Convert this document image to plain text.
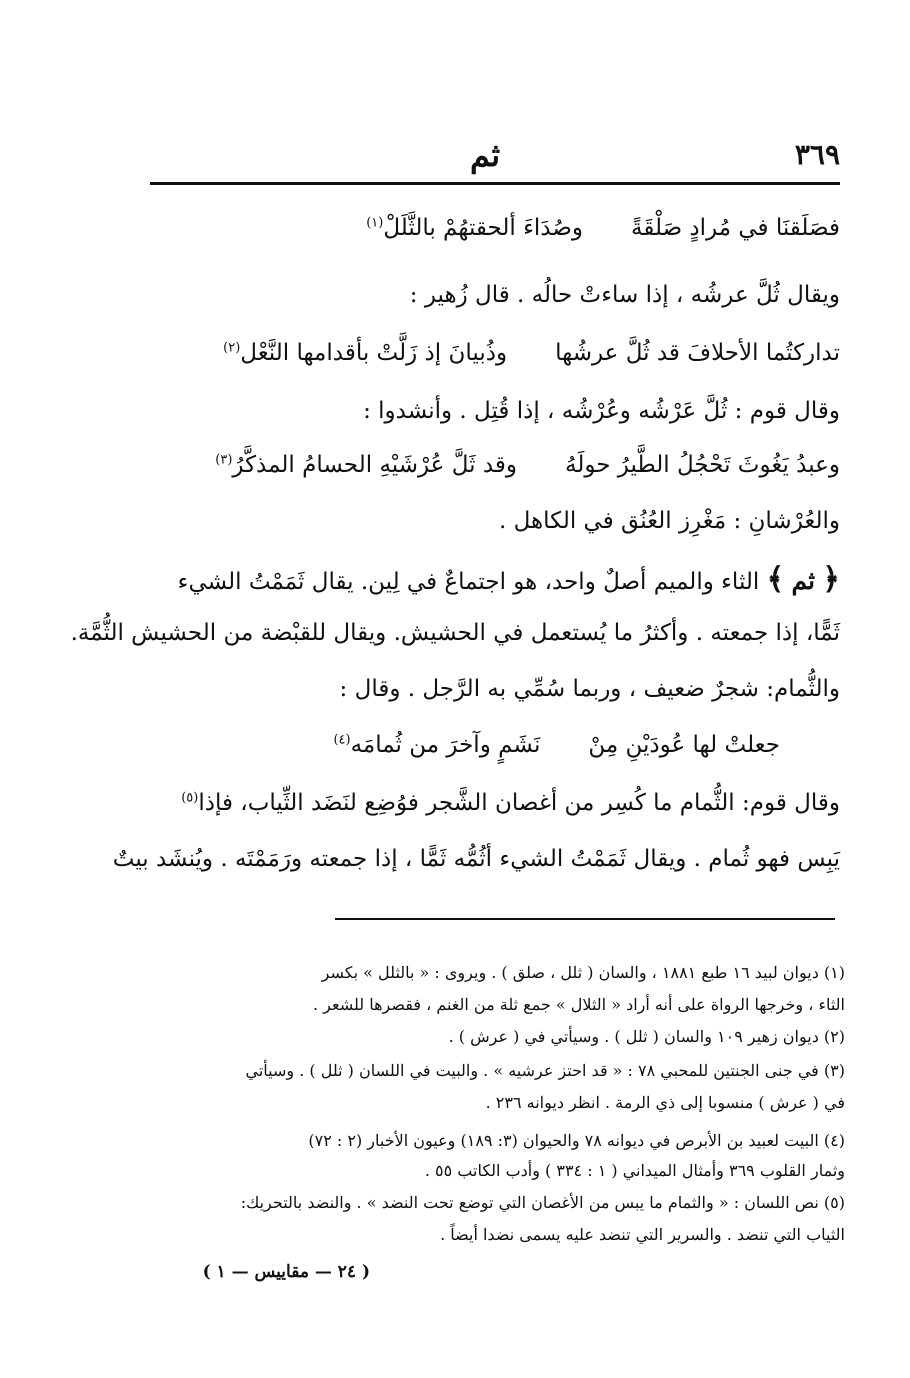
٣٦٩
ثم
فصَلَقنَا في مُرادٍ صَلْقَةًوصُدَاءَ ألحقتهُمْ بالثَّلَلْ$^{(١)}$
ويقال ثُلَّ عرشُه ، إذا ساءتْ حالُه . قال زُهير :
تداركتُما الأحلافَ قد ثُلَّ عرشُهاوذُبيانَ إذ زَلَّتْ بأقدامها النَّعْل$^{(٢)}$
وقال قوم : ثُلَّ عَرْشُه وعُرْشُه ، إذا قُتِل . وأنشدوا :
وعبدُ يَغُوثَ تَحْجُلُ الطَّيرُ حولَهُوقد ثَلَّ عُرْشَيْهِ الحسامُ المذكَّرُ$^{(٣)}$
والعُرْشانِ : مَغْرِز العُنُق في الكاهل .
﴿ ثم ﴾ الثاء والميم أصلٌ واحد، هو اجتماعٌ في لِين. يقال ثَمَمْتُ الشيء
ثَمًّا، إذا جمعته . وأكثرُ ما يُستعمل في الحشيش. ويقال للقبْضة من الحشيش الثُّمَّة.
والثُّمام: شجرٌ ضعيف ، وربما سُمِّي به الرَّجل . وقال :
جعلتْ لها عُودَيْنِ مِنْنَشَمٍ وآخرَ من ثُمامَه$^{(٤)}$
وقال قوم: الثُّمام ما كُسِر من أغصان الشَّجر فوُضِع لنَضَد الثِّياب، فإذا$^{(٥)}$
يَبِس فهو ثُمام . ويقال ثَمَمْتُ الشيء أثُمُّه ثَمًّا ، إذا جمعته ورَمَمْتَه . ويُنشَد بيتٌ
(١) ديوان لبيد ١٦ طبع ١٨٨١ ، والسان ( ثلل ، صلق ) . ويروى : « بالثلل » بكسر
الثاء ، وخرجها الرواة على أنه أراد « الثلال » جمع ثلة من الغنم ، فقصرها للشعر .
(٢) ديوان زهير ١٠٩ والسان ( ثلل ) . وسيأتي في ( عرش ) .
(٣) في جنى الجنتين للمحبي ٧٨ : « قد احتز عرشيه » . والبيت في اللسان ( ثلل ) . وسيأتي
في ( عرش ) منسوبا إلى ذي الرمة . انظر ديوانه ٢٣٦ .
(٤) البيت لعبيد بن الأبرص في ديوانه ٧٨ والحيوان (٣: ١٨٩) وعيون الأخبار (٢ : ٧٢)
وثمار القلوب ٣٦٩ وأمثال الميداني ( ١ : ٣٣٤ ) وأدب الكاتب ٥٥ .
(٥) نص اللسان : « والثمام ما يبس من الأغصان التي توضع تحت النضد » . والنضد بالتحريك:
الثياب التي تنضد . والسرير التي تنضد عليه يسمى نضدا أيضاً .
( ٢٤ — مقاييس — ١ )
